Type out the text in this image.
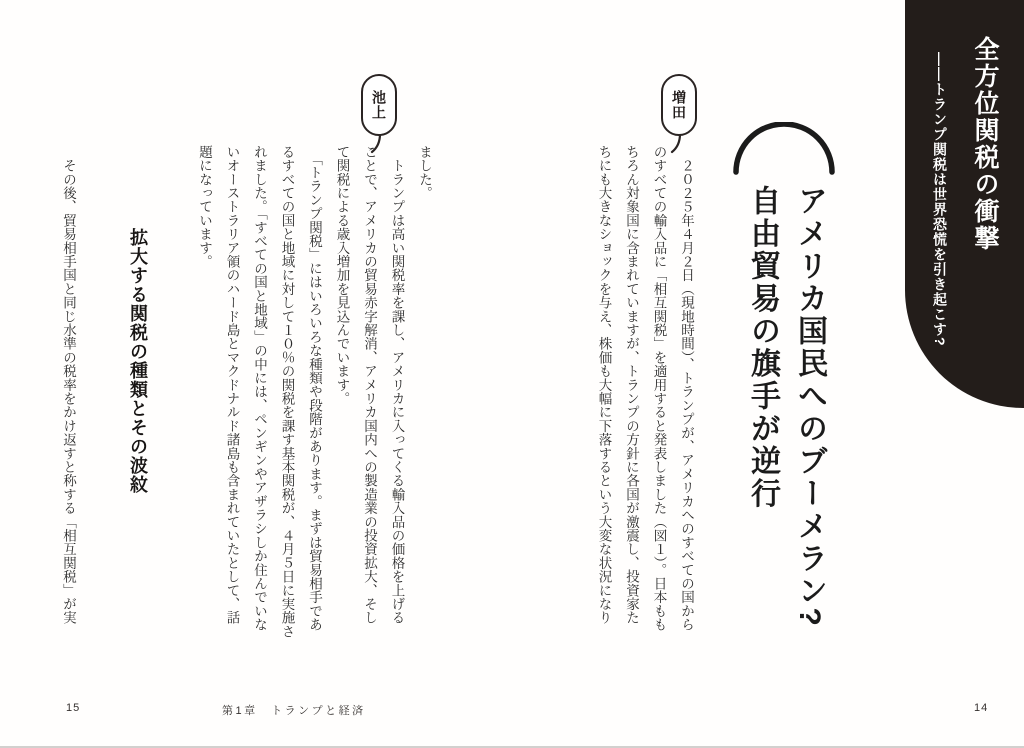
全方位関税の衝撃
――トランプ関税は世界恐慌を引き起こす?
アメリカ国民へのブーメラン?
自由貿易の旗手が逆行
増田
池上
　２０２５年４月２日（現地時間）、トランプが、アメリカへのすべての国から
のすべての輸入品に「相互関税」を適用すると発表しました（図１）。日本もも
ちろん対象国に含まれていますが、トランプの方針に各国が激震し、投資家た
ちにも大きなショックを与え、株価も大幅に下落するという大変な状況になり
ました。
　トランプは高い関税率を課し、アメリカに入ってくる輸入品の価格を上げる
ことで、アメリカの貿易赤字解消、アメリカ国内への製造業の投資拡大、そし
て関税による歳入増加を見込んでいます。
　「トランプ関税」にはいろいろな種類や段階があります。まずは貿易相手であ
るすべての国と地域に対して１０％の関税を課す基本関税が、４月５日に実施さ
れました。「すべての国と地域」の中には、ペンギンやアザラシしか住んでいな
いオーストラリア領のハード島とマクドナルド諸島も含まれていたとして、話
題になっています。
拡大する関税の種類とその波紋
　その後、貿易相手国と同じ水準の税率をかけ返すと称する「相互関税」が実
15	第1章　トランプと経済	14
